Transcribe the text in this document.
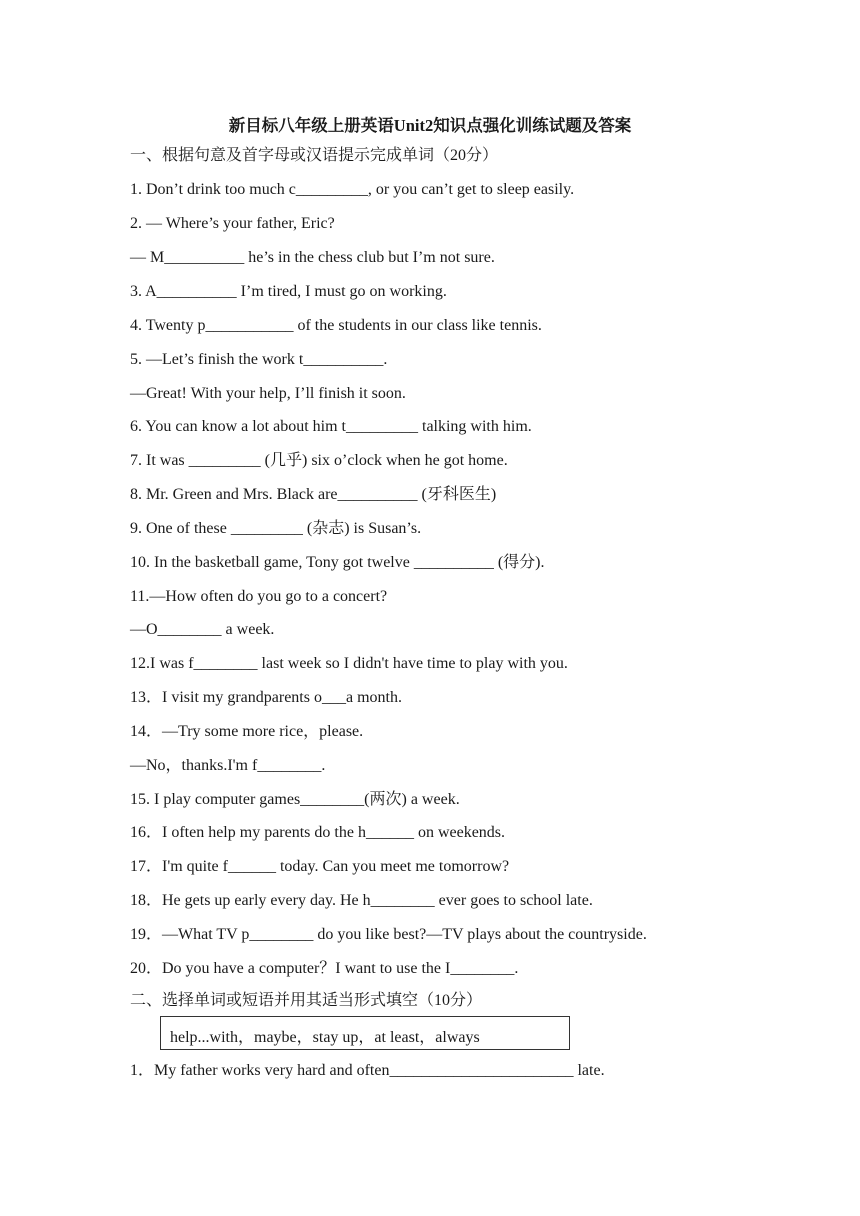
新目标八年级上册英语Unit2知识点强化训练试题及答案
一、根据句意及首字母或汉语提示完成单词（20分）
1. Don’t drink too much c_________, or you can’t get to sleep easily.
2. — Where’s your father, Eric?
— M__________ he’s in the chess club but I’m not sure.
3. A__________ I’m tired, I must go on working.
4. Twenty p___________ of the students in our class like tennis.
5. —Let’s finish the work t__________.
—Great! With your help, I’ll finish it soon.
6. You can know a lot about him t_________ talking with him.
7. It was _________ (几乎) six o’clock when he got home.
8. Mr. Green and Mrs. Black are__________ (牙科医生)
9. One of these _________ (杂志) is Susan’s.
10. In the basketball game, Tony got twelve __________ (得分).
11.—How often do you go to a concert?
—O________ a week.
12.I was f________ last week so I didn't have time to play with you.
13．I visit my grandparents o___a month.
14．—Try some more rice，please.
—No，thanks.I'm f________.
15. I play computer games________(两次) a week.
16．I often help my parents do the h______ on weekends.
17．I'm quite f______ today. Can you meet me tomorrow?
18．He gets up early every day. He h________ ever goes to school late.
19．—What TV p________ do you like best?—TV plays about the countryside.
20．Do you have a computer？I want to use the I________.
二、选择单词或短语并用其适当形式填空（10分）
help...with，maybe，stay up，at least，always
1．My father works very hard and often_______________________ late.
